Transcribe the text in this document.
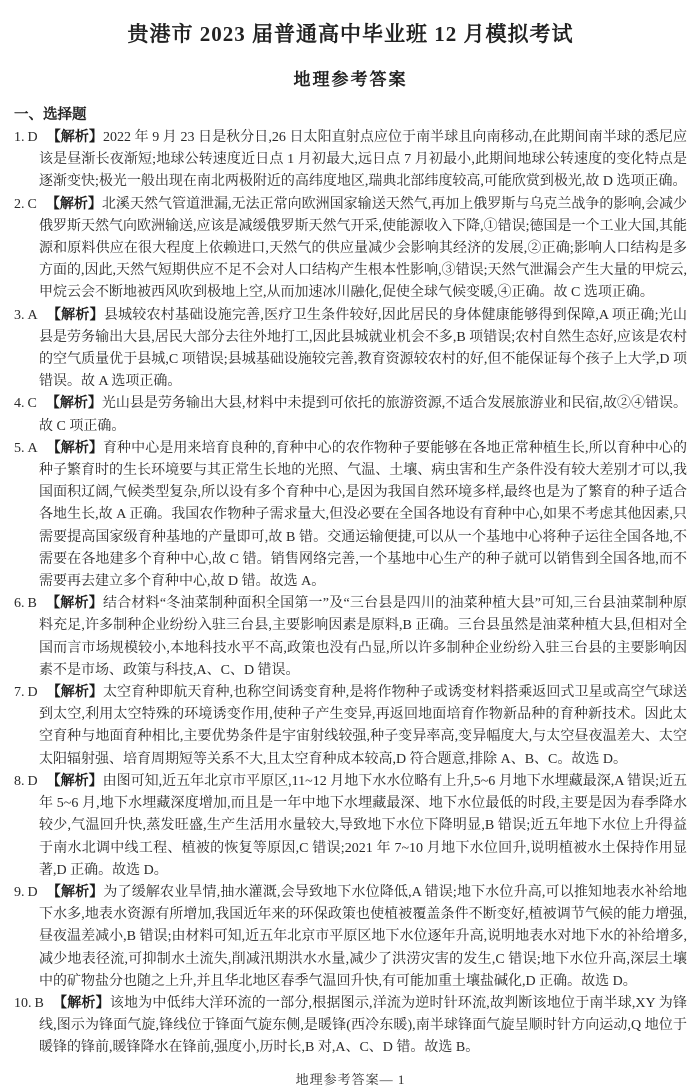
贵港市 2023 届普通高中毕业班 12 月模拟考试
地理参考答案
一、选择题
1. D 【解析】2022 年 9 月 23 日是秋分日,26 日太阳直射点应位于南半球且向南移动,在此期间南半球的悉尼应该是昼渐长夜渐短;地球公转速度近日点 1 月初最大,远日点 7 月初最小,此期间地球公转速度的变化特点是逐渐变快;极光一般出现在南北两极附近的高纬度地区,瑞典北部纬度较高,可能欣赏到极光,故 D 选项正确。
2. C 【解析】北溪天然气管道泄漏,无法正常向欧洲国家输送天然气,再加上俄罗斯与乌克兰战争的影响,会减少俄罗斯天然气向欧洲输送,应该是减缓俄罗斯天然气开采,使能源收入下降,①错误;德国是一个工业大国,其能源和原料供应在很大程度上依赖进口,天然气的供应量减少会影响其经济的发展,②正确;影响人口结构是多方面的,因此,天然气短期供应不足不会对人口结构产生根本性影响,③错误;天然气泄漏会产生大量的甲烷云,甲烷云会不断地被西风吹到极地上空,从而加速冰川融化,促使全球气候变暖,④正确。故 C 选项正确。
3. A 【解析】县城较农村基础设施完善,医疗卫生条件较好,因此居民的身体健康能够得到保障,A 项正确;光山县是劳务输出大县,居民大部分去往外地打工,因此县城就业机会不多,B 项错误;农村自然生态好,应该是农村的空气质量优于县城,C 项错误;县城基础设施较完善,教育资源较农村的好,但不能保证每个孩子上大学,D 项错误。故 A 选项正确。
4. C 【解析】光山县是劳务输出大县,材料中未提到可依托的旅游资源,不适合发展旅游业和民宿,故②④错误。故 C 项正确。
5. A 【解析】育种中心是用来培育良种的,育种中心的农作物种子要能够在各地正常种植生长,所以育种中心的种子繁育时的生长环境要与其正常生长地的光照、气温、土壤、病虫害和生产条件没有较大差别才可以,我国面积辽阔,气候类型复杂,所以设有多个育种中心,是因为我国自然环境多样,最终也是为了繁育的种子适合各地生长,故 A 正确。我国农作物种子需求量大,但没必要在全国各地设有育种中心,如果不考虑其他因素,只需要提高国家级育种基地的产量即可,故 B 错。交通运输便捷,可以从一个基地中心将种子运往全国各地,不需要在各地建多个育种中心,故 C 错。销售网络完善,一个基地中心生产的种子就可以销售到全国各地,而不需要再去建立多个育种中心,故 D 错。故选 A。
6. B 【解析】结合材料“冬油菜制种面积全国第一”及“三台县是四川的油菜种植大县”可知,三台县油菜制种原料充足,许多制种企业纷纷入驻三台县,主要影响因素是原料,B 正确。三台县虽然是油菜种植大县,但相对全国而言市场规模较小,本地科技水平不高,政策也没有凸显,所以许多制种企业纷纷入驻三台县的主要影响因素不是市场、政策与科技,A、C、D 错误。
7. D 【解析】太空育种即航天育种,也称空间诱变育种,是将作物种子或诱变材料搭乘返回式卫星或高空气球送到太空,利用太空特殊的环境诱变作用,使种子产生变异,再返回地面培育作物新品种的育种新技术。因此太空育种与地面育种相比,主要优势条件是宇宙射线较强,种子变异率高,变异幅度大,与太空昼夜温差大、太空太阳辐射强、培育周期短等关系不大,且太空育种成本较高,D 符合题意,排除 A、B、C。故选 D。
8. D 【解析】由图可知,近五年北京市平原区,11~12 月地下水水位略有上升,5~6 月地下水埋藏最深,A 错误;近五年 5~6 月,地下水埋藏深度增加,而且是一年中地下水埋藏最深、地下水位最低的时段,主要是因为春季降水较少,气温回升快,蒸发旺盛,生产生活用水量较大,导致地下水位下降明显,B 错误;近五年地下水位上升得益于南水北调中线工程、植被的恢复等原因,C 错误;2021 年 7~10 月地下水位回升,说明植被水土保持作用显著,D 正确。故选 D。
9. D 【解析】为了缓解农业旱情,抽水灌溉,会导致地下水位降低,A 错误;地下水位升高,可以推知地表水补给地下水多,地表水资源有所增加,我国近年来的环保政策也使植被覆盖条件不断变好,植被调节气候的能力增强,昼夜温差减小,B 错误;由材料可知,近五年北京市平原区地下水位逐年升高,说明地表水对地下水的补给增多,减少地表径流,可抑制水土流失,削减汛期洪水水量,减少了洪涝灾害的发生,C 错误;地下水位升高,深层土壤中的矿物盐分也随之上升,并且华北地区春季气温回升快,有可能加重土壤盐碱化,D 正确。故选 D。
10. B 【解析】该地为中低纬大洋环流的一部分,根据图示,洋流为逆时针环流,故判断该地位于南半球,XY 为锋线,图示为锋面气旋,锋线位于锋面气旋东侧,是暖锋(西冷东暖),南半球锋面气旋呈顺时针方向运动,Q 地位于暖锋的锋前,暖锋降水在锋前,强度小,历时长,B 对,A、C、D 错。故选 B。
地理参考答案— 1
